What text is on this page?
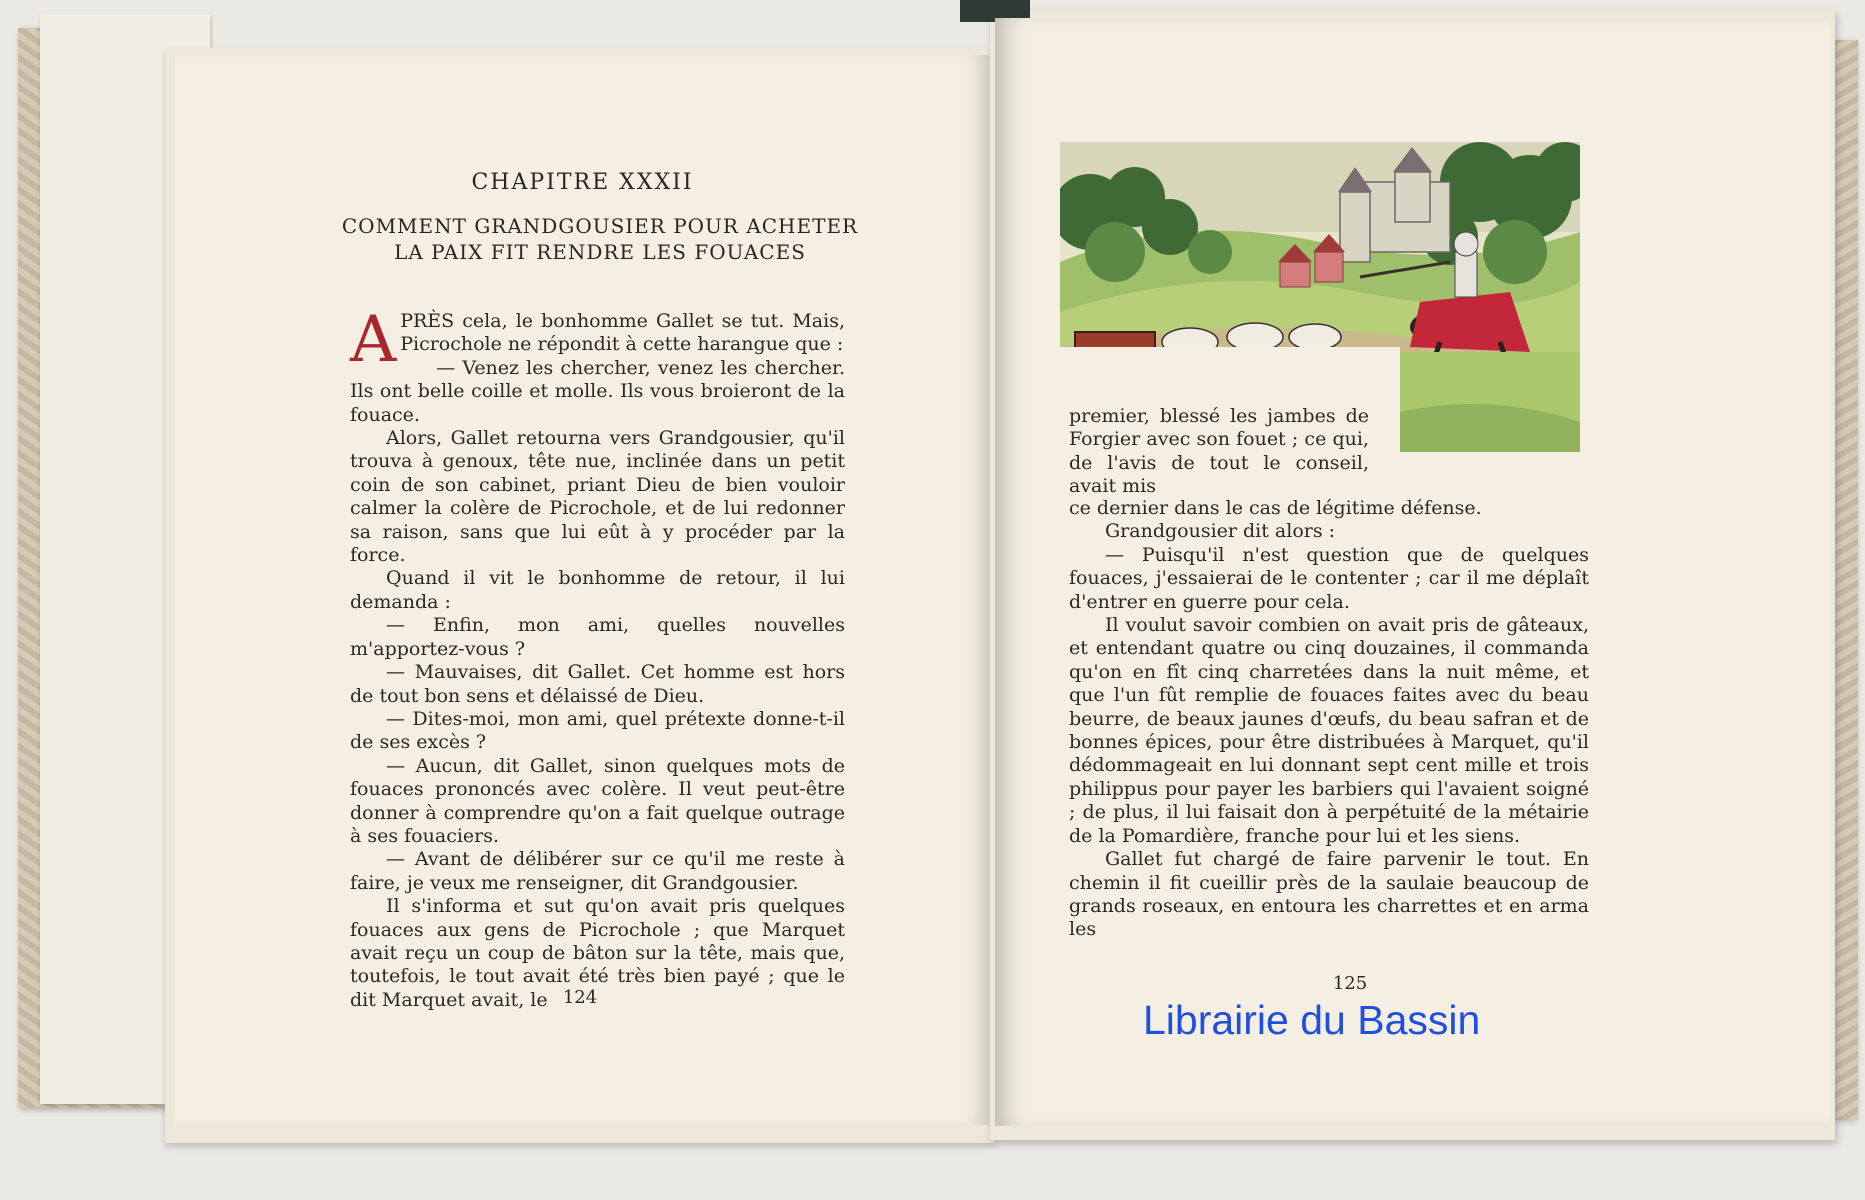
CHAPITRE XXXII
COMMENT GRANDGOUSIER POUR ACHETER
LA PAIX FIT RENDRE LES FOUACES

A PRÈS cela, le bonhomme Gallet se tut. Mais, Picrochole ne répondit à cette harangue que :

— Venez les chercher, venez les chercher. Ils ont belle coille et molle. Ils vous broieront de la fouace.

Alors, Gallet retourna vers Grandgousier, qu'il trouva à genoux, tête nue, inclinée dans un petit coin de son cabinet, priant Dieu de bien vouloir calmer la colère de Picrochole, et de lui redonner sa raison, sans que lui eût à y procéder par la force.

Quand il vit le bonhomme de retour, il lui demanda :

— Enfin, mon ami, quelles nouvelles m'apportez-vous ?

— Mauvaises, dit Gallet. Cet homme est hors de tout bon sens et délaissé de Dieu.

— Dites-moi, mon ami, quel prétexte donne-t-il de ses excès ?

— Aucun, dit Gallet, sinon quelques mots de fouaces prononcés avec colère. Il veut peut-être donner à comprendre qu'on a fait quelque outrage à ses fouaciers.

— Avant de délibérer sur ce qu'il me reste à faire, je veux me renseigner, dit Grandgousier.

Il s'informa et sut qu'on avait pris quelques fouaces aux gens de Picrochole ; que Marquet avait reçu un coup de bâton sur la tête, mais que, toutefois, le tout avait été très bien payé ; que le dit Marquet avait, le 124

premier, blessé les jambes de Forgier avec son fouet ; ce qui, de l'avis de tout le conseil, avait mis

ce dernier dans le cas de légitime défense.

Grandgousier dit alors :

— Puisqu'il n'est question que de quelques fouaces, j'essaierai de le contenter ; car il me déplaît d'entrer en guerre pour cela.

Il voulut savoir combien on avait pris de gâteaux, et entendant quatre ou cinq douzaines, il commanda qu'on en fît cinq charretées dans la nuit même, et que l'un fût remplie de fouaces faites avec du beau beurre, de beaux jaunes d'œufs, du beau safran et de bonnes épices, pour être distribuées à Marquet, qu'il dédommageait en lui donnant sept cent mille et trois philippus pour payer les barbiers qui l'avaient soigné ; de plus, il lui faisait don à perpétuité de la métairie de la Pomardière, franche pour lui et les siens.

Gallet fut chargé de faire parvenir le tout. En chemin il fit cueillir près de la saulaie beaucoup de grands roseaux, en entoura les charrettes et en arma les

125
Librairie du Bassin
